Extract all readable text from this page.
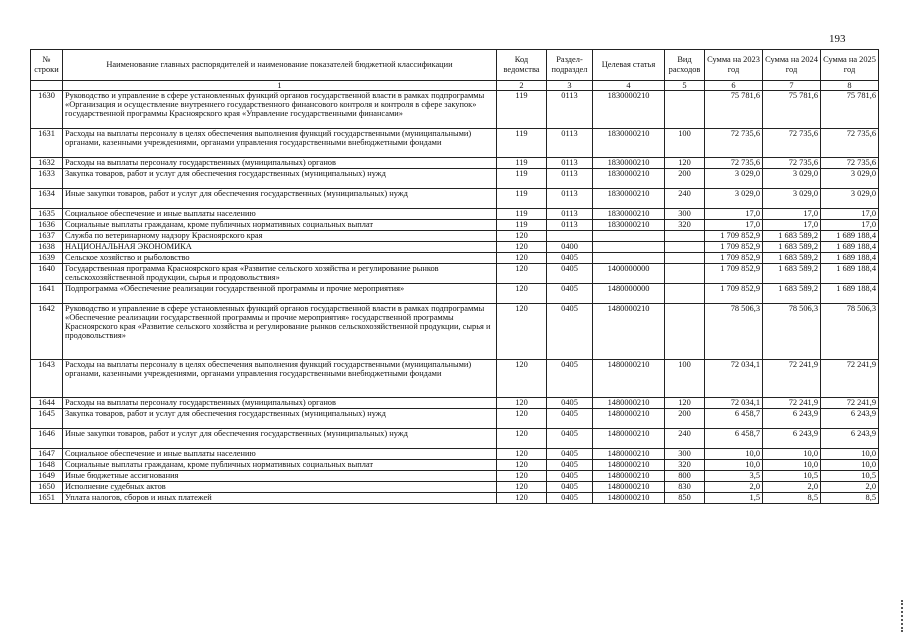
193
№ строки	Наименование главных распорядителей и наименование показателей бюджетной классификации	Код ведомства	Раздел-подраздел	Целевая статья	Вид расходов	Сумма на 2023 год	Сумма на 2024 год	Сумма на 2025 год
	1	2	3	4	5	6	7	8
1630	Руководство и управление в сфере установленных функций органов государственной власти в рамках подпрограммы «Организация и осуществление внутреннего государственного финансового контроля и контроля в сфере закупок» государственной программы Красноярского края «Управление государственными финансами»	119	0113	1830000210		75 781,6	75 781,6	75 781,6
1631	Расходы на выплаты персоналу в целях обеспечения выполнения функций государственными (муниципальными) органами, казенными учреждениями, органами управления государственными внебюджетными фондами	119	0113	1830000210	100	72 735,6	72 735,6	72 735,6
1632	Расходы на выплаты персоналу государственных (муниципальных) органов	119	0113	1830000210	120	72 735,6	72 735,6	72 735,6
1633	Закупка товаров, работ и услуг для обеспечения государственных (муниципальных) нужд	119	0113	1830000210	200	3 029,0	3 029,0	3 029,0
1634	Иные закупки товаров, работ и услуг для обеспечения государственных (муниципальных) нужд	119	0113	1830000210	240	3 029,0	3 029,0	3 029,0
1635	Социальное обеспечение и иные выплаты населению	119	0113	1830000210	300	17,0	17,0	17,0
1636	Социальные выплаты гражданам, кроме публичных нормативных социальных выплат	119	0113	1830000210	320	17,0	17,0	17,0
1637	Служба по ветеринарному надзору Красноярского края	120				1 709 852,9	1 683 589,2	1 689 188,4
1638	НАЦИОНАЛЬНАЯ ЭКОНОМИКА	120	0400			1 709 852,9	1 683 589,2	1 689 188,4
1639	Сельское хозяйство и рыболовство	120	0405			1 709 852,9	1 683 589,2	1 689 188,4
1640	Государственная программа Красноярского края «Развитие сельского хозяйства и регулирование рынков сельскохозяйственной продукции, сырья и продовольствия»	120	0405	1400000000		1 709 852,9	1 683 589,2	1 689 188,4
1641	Подпрограмма «Обеспечение реализации государственной программы и прочие мероприятия»	120	0405	1480000000		1 709 852,9	1 683 589,2	1 689 188,4
1642	Руководство и управление в сфере установленных функций органов государственной власти в рамках подпрограммы «Обеспечение реализации государственной программы и прочие мероприятия» государственной программы Красноярского края «Развитие сельского хозяйства и регулирование рынков сельскохозяйственной продукции, сырья и продовольствия»	120	0405	1480000210		78 506,3	78 506,3	78 506,3
1643	Расходы на выплаты персоналу в целях обеспечения выполнения функций государственными (муниципальными) органами, казенными учреждениями, органами управления государственными внебюджетными фондами	120	0405	1480000210	100	72 034,1	72 241,9	72 241,9
1644	Расходы на выплаты персоналу государственных (муниципальных) органов	120	0405	1480000210	120	72 034,1	72 241,9	72 241,9
1645	Закупка товаров, работ и услуг для обеспечения государственных (муниципальных) нужд	120	0405	1480000210	200	6 458,7	6 243,9	6 243,9
1646	Иные закупки товаров, работ и услуг для обеспечения государственных (муниципальных) нужд	120	0405	1480000210	240	6 458,7	6 243,9	6 243,9
1647	Социальное обеспечение и иные выплаты населению	120	0405	1480000210	300	10,0	10,0	10,0
1648	Социальные выплаты гражданам, кроме публичных нормативных социальных выплат	120	0405	1480000210	320	10,0	10,0	10,0
1649	Иные бюджетные ассигнования	120	0405	1480000210	800	3,5	10,5	10,5
1650	Исполнение судебных актов	120	0405	1480000210	830	2,0	2,0	2,0
1651	Уплата налогов, сборов и иных платежей	120	0405	1480000210	850	1,5	8,5	8,5
